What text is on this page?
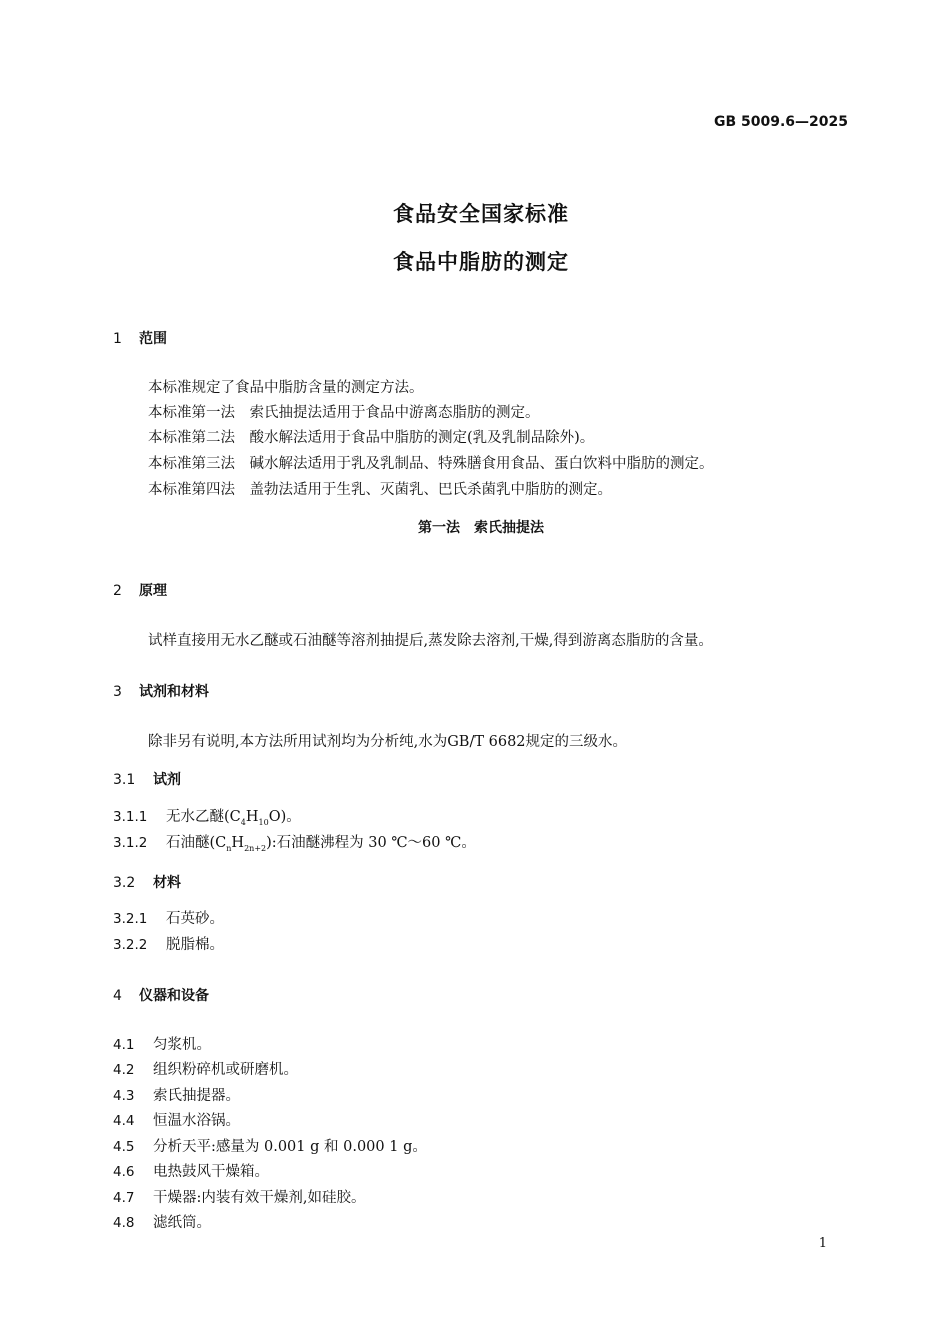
GB 5009.6—2025
食品安全国家标准
食品中脂肪的测定
1 范围
本标准规定了食品中脂肪含量的测定方法。
本标准第一法　索氏抽提法适用于食品中游离态脂肪的测定。
本标准第二法　酸水解法适用于食品中脂肪的测定(乳及乳制品除外)。
本标准第三法　碱水解法适用于乳及乳制品、特殊膳食用食品、蛋白饮料中脂肪的测定。
本标准第四法　盖勃法适用于生乳、灭菌乳、巴氏杀菌乳中脂肪的测定。
第一法　索氏抽提法
2 原理
试样直接用无水乙醚或石油醚等溶剂抽提后,蒸发除去溶剂,干燥,得到游离态脂肪的含量。
3 试剂和材料
除非另有说明,本方法所用试剂均为分析纯,水为GB/T 6682规定的三级水。
3.1 试剂
3.1.1 无水乙醚$(C_4H_{10}O)$。
3.1.2 石油醚$(C_nH_{2n+2})$:石油醚沸程为 30 ℃～60 ℃。
3.2 材料
3.2.1 石英砂。
3.2.2 脱脂棉。
4 仪器和设备
4.1 匀浆机。
4.2 组织粉碎机或研磨机。
4.3 索氏抽提器。
4.4 恒温水浴锅。
4.5 分析天平:感量为 0.001 g 和 0.000 1 g。
4.6 电热鼓风干燥箱。
4.7 干燥器:内装有效干燥剂,如硅胶。
4.8 滤纸筒。
1
